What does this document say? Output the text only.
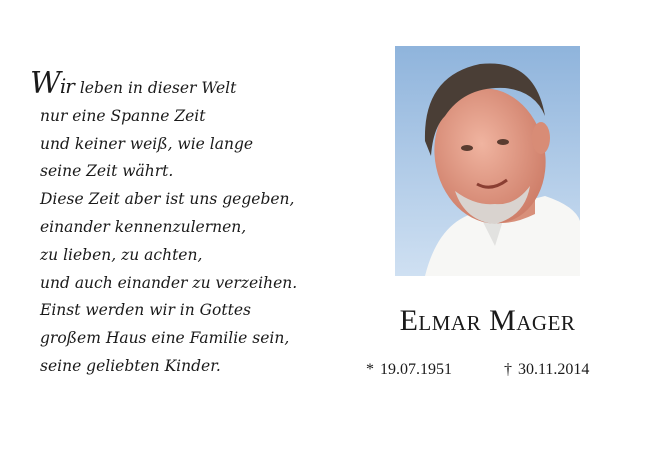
Wir leben in dieser Welt
nur eine Spanne Zeit
und keiner weiß, wie lange
seine Zeit währt.
Diese Zeit aber ist uns gegeben,
einander kennenzulernen,
zu lieben, zu achten,
und auch einander zu verzeihen.
Einst werden wir in Gottes
großem Haus eine Familie sein,
seine geliebten Kinder.
Elmar Mager
* 19.07.1951	† 30.11.2014
